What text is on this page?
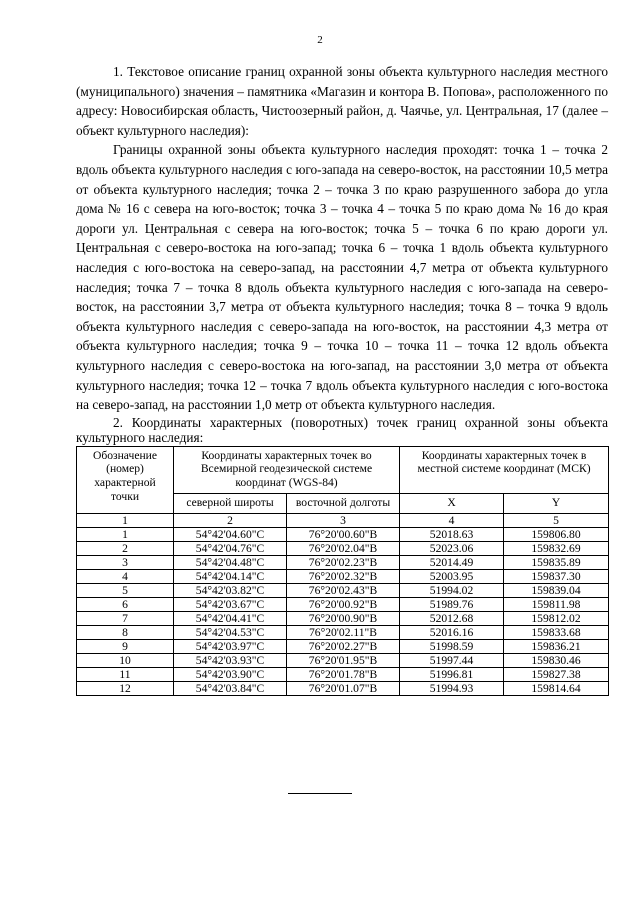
2

1. Текстовое описание границ охранной зоны объекта культурного наследия местного (муниципального) значения – памятника «Магазин и контора В. Попова», расположенного по адресу: Новосибирская область, Чистоозерный район, д. Чаячье, ул. Центральная, 17 (далее – объект культурного наследия):

Границы охранной зоны объекта культурного наследия проходят: точка 1 – точка 2 вдоль объекта культурного наследия с юго-запада на северо-восток, на расстоянии 10,5 метра от объекта культурного наследия; точка 2 – точка 3 по краю разрушенного забора до угла дома № 16 с севера на юго-восток; точка 3 – точка 4 – точка 5 по краю дома № 16 до края дороги ул. Центральная с севера на юго-восток; точка 5 – точка 6 по краю дороги ул. Центральная с северо-востока на юго-запад; точка 6 – точка 1 вдоль объекта культурного наследия с юго-востока на северо-запад, на расстоянии 4,7 метра от объекта культурного наследия; точка 7 – точка 8 вдоль объекта культурного наследия с юго-запада на северо-восток, на расстоянии 3,7 метра от объекта культурного наследия; точка 8 – точка 9 вдоль объекта культурного наследия с северо-запада на юго-восток, на расстоянии 4,3 метра от объекта культурного наследия; точка 9 – точка 10 – точка 11 – точка 12 вдоль объекта культурного наследия с северо-востока на юго-запад, на расстоянии 3,0 метра от объекта культурного наследия; точка 12 – точка 7 вдоль объекта культурного наследия с юго-востока на северо-запад, на расстоянии 1,0 метр от объекта культурного наследия.

2. Координаты характерных (поворотных) точек границ охранной зоны объекта культурного наследия:

Обозначение (номер) характерной точки	Координаты характерных точек во Всемирной геодезической системе координат (WGS-84)		Координаты характерных точек в местной системе координат (МСК)	
	северной широты	восточной долготы	X	Y
1	2	3	4	5
1	54°42'04.60"С	76°20'00.60"В	52018.63	159806.80
2	54°42'04.76"С	76°20'02.04"В	52023.06	159832.69
3	54°42'04.48"С	76°20'02.23"В	52014.49	159835.89
4	54°42'04.14"С	76°20'02.32"В	52003.95	159837.30
5	54°42'03.82"С	76°20'02.43"В	51994.02	159839.04
6	54°42'03.67"С	76°20'00.92"В	51989.76	159811.98
7	54°42'04.41"С	76°20'00.90"В	52012.68	159812.02
8	54°42'04.53"С	76°20'02.11"В	52016.16	159833.68
9	54°42'03.97"С	76°20'02.27"В	51998.59	159836.21
10	54°42'03.93"С	76°20'01.95"В	51997.44	159830.46
11	54°42'03.90"С	76°20'01.78"В	51996.81	159827.38
12	54°42'03.84"С	76°20'01.07"В	51994.93	159814.64
